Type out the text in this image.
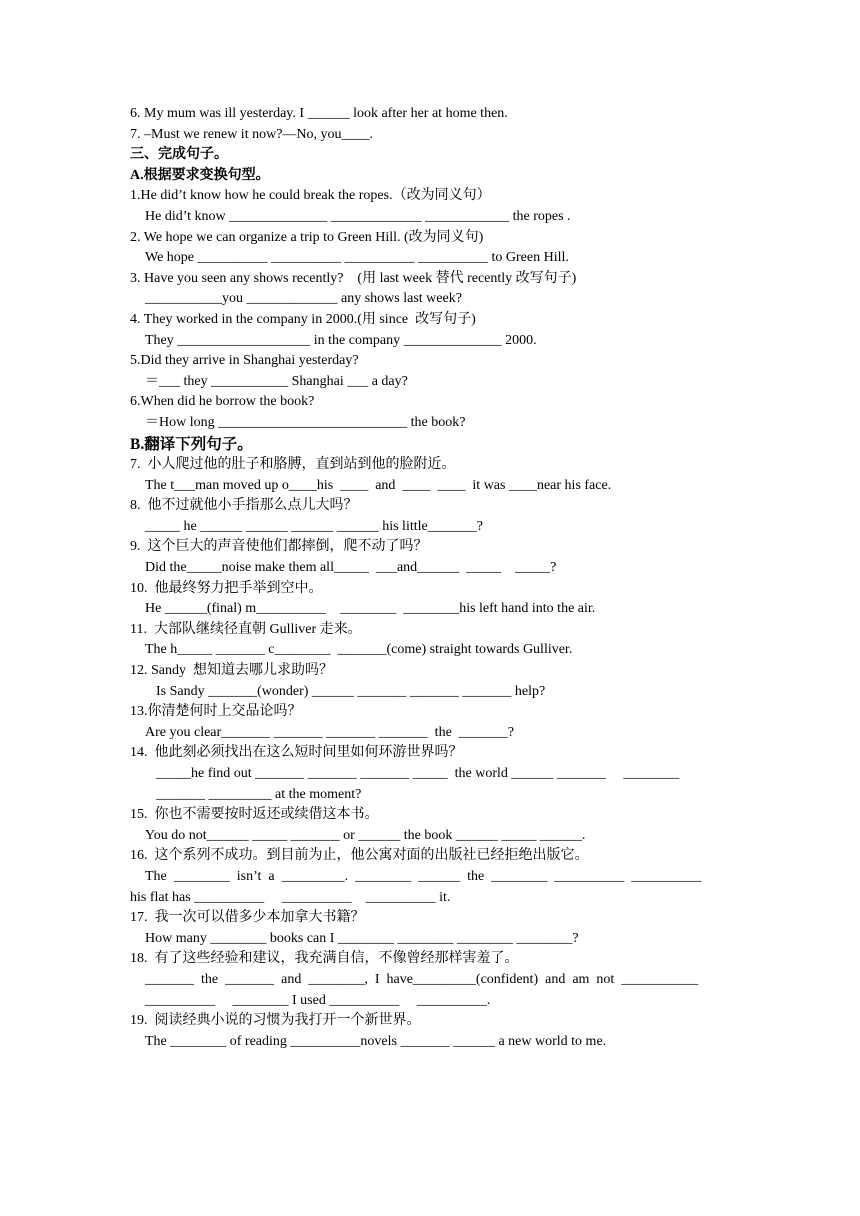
6. My mum was ill yesterday. I ______ look after her at home then.
7. –Must we renew it now?—No, you____.
三、完成句子。
A.根据要求变换句型。
1.He did’t know how he could break the ropes.（改为同义句）
He did’t know ______________ _____________ ____________ the ropes .
2. We hope we can organize a trip to Green Hill. (改为同义句)
We hope __________ __________ __________ __________ to Green Hill.
3. Have you seen any shows recently?    (用 last week 替代 recently 改写句子)
___________you _____________ any shows last week?
4. They worked in the company in 2000.(用 since  改写句子)
They ___________________ in the company ______________ 2000.
5.Did they arrive in Shanghai yesterday?
＝___ they ___________ Shanghai ___ a day?
6.When did he borrow the book?
＝How long ___________________________ the book?
B.翻译下列句子。
7.  小人爬过他的肚子和胳膊，直到站到他的脸附近。
The t___man moved up o____his  ____  and  ____  ____  it was ____near his face.
8.  他不过就他小手指那么点儿大吗？
_____ he ______ ______ ______ ______ his little_______?
9.  这个巨大的声音使他们都摔倒，爬不动了吗？
Did the_____noise make them all_____  ___and______  _____    _____?
10.  他最终努力把手举到空中。
He ______(final) m__________    ________  ________his left hand into the air.
11.  大部队继续径直朝 Gulliver 走来。
The h_____ _______ c________  _______(come) straight towards Gulliver.
12. Sandy  想知道去哪儿求助吗？
Is Sandy _______(wonder) ______ _______ _______ _______ help?
13.你清楚何时上交品论吗？
Are you clear_______ _______ _______ _______  the  _______?
14.  他此刻必须找出在这么短时间里如何环游世界吗？
_____he find out _______ _______ _______ _____  the world ______ _______     ________
_______ _________ at the moment?
15.  你也不需要按时返还或续借这本书。
You do not______ _____ _______ or ______ the book ______ _____ ______.
16.  这个系列不成功。到目前为止，他公寓对面的出版社已经拒绝出版它。
The  ________  isn’t  a  _________.  ________  ______  the  ________  __________  __________
his flat has __________     __________    __________ it.
17.  我一次可以借多少本加拿大书籍？
How many ________ books can I ________ ________ ________ ________?
18.  有了这些经验和建议，我充满自信，不像曾经那样害羞了。
_______  the  _______  and  ________,  I  have_________(confident)  and  am  not  ___________
__________     ________ I used __________     __________.
19.  阅读经典小说的习惯为我打开一个新世界。
The ________ of reading __________novels _______ ______ a new world to me.
